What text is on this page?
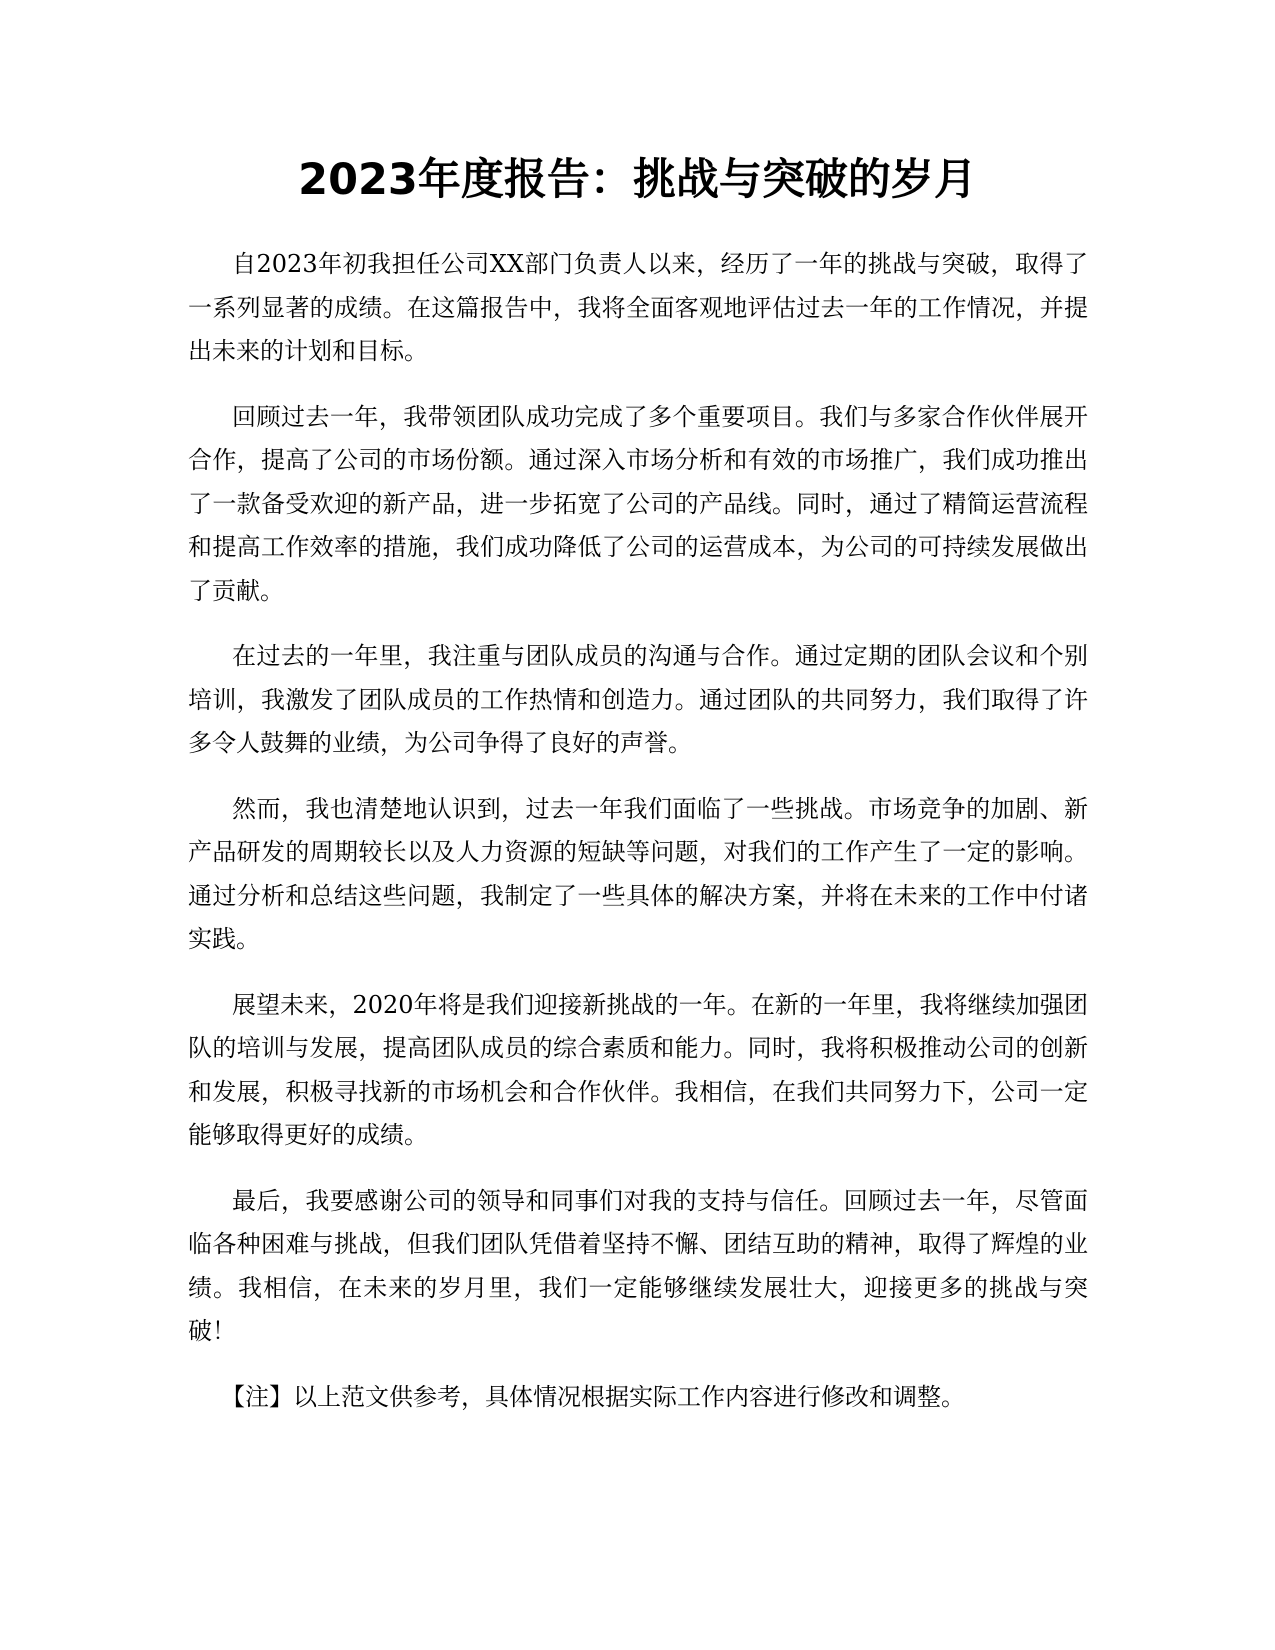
2023年度报告：挑战与突破的岁月

自2023年初我担任公司XX部门负责人以来，经历了一年的挑战与突破，取得了一系列显著的成绩。在这篇报告中，我将全面客观地评估过去一年的工作情况，并提出未来的计划和目标。

回顾过去一年，我带领团队成功完成了多个重要项目。我们与多家合作伙伴展开合作，提高了公司的市场份额。通过深入市场分析和有效的市场推广，我们成功推出了一款备受欢迎的新产品，进一步拓宽了公司的产品线。同时，通过了精简运营流程和提高工作效率的措施，我们成功降低了公司的运营成本，为公司的可持续发展做出了贡献。

在过去的一年里，我注重与团队成员的沟通与合作。通过定期的团队会议和个别培训，我激发了团队成员的工作热情和创造力。通过团队的共同努力，我们取得了许多令人鼓舞的业绩，为公司争得了良好的声誉。

然而，我也清楚地认识到，过去一年我们面临了一些挑战。市场竞争的加剧、新产品研发的周期较长以及人力资源的短缺等问题，对我们的工作产生了一定的影响。通过分析和总结这些问题，我制定了一些具体的解决方案，并将在未来的工作中付诸实践。

展望未来，2020年将是我们迎接新挑战的一年。在新的一年里，我将继续加强团队的培训与发展，提高团队成员的综合素质和能力。同时，我将积极推动公司的创新和发展，积极寻找新的市场机会和合作伙伴。我相信，在我们共同努力下，公司一定能够取得更好的成绩。

最后，我要感谢公司的领导和同事们对我的支持与信任。回顾过去一年，尽管面临各种困难与挑战，但我们团队凭借着坚持不懈、团结互助的精神，取得了辉煌的业绩。我相信，在未来的岁月里，我们一定能够继续发展壮大，迎接更多的挑战与突破！

【注】以上范文供参考，具体情况根据实际工作内容进行修改和调整。
